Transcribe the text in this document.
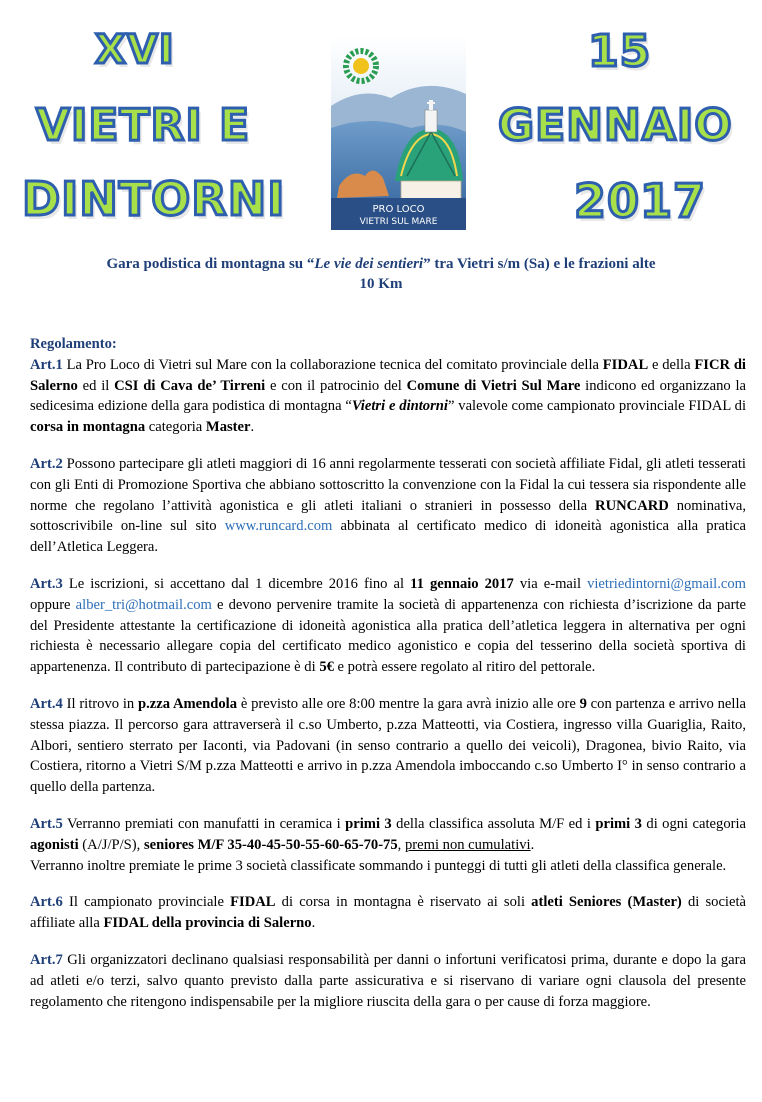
XVI
VIETRI E
DINTORNI
15
GENNAIO
2017
PRO LOCO
VIETRI SUL MARE
Gara podistica di montagna su “Le vie dei sentieri” tra Vietri s/m (Sa) e le frazioni alte
10 Km
Regolamento:

Art.1 La Pro Loco di Vietri sul Mare con la collaborazione tecnica del comitato provinciale della FIDAL e della FICR di Salerno ed il CSI di Cava de’ Tirreni e con il patrocinio del Comune di Vietri Sul Mare indicono ed organizzano la sedicesima edizione della gara podistica di montagna “Vietri e dintorni” valevole come campionato provinciale FIDAL di corsa in montagna categoria Master.

Art.2 Possono partecipare gli atleti maggiori di 16 anni regolarmente tesserati con società affiliate Fidal, gli atleti tesserati con gli Enti di Promozione Sportiva che abbiano sottoscritto la convenzione con la Fidal la cui tessera sia rispondente alle norme che regolano l’attività agonistica e gli atleti italiani o stranieri in possesso della RUNCARD nominativa, sottoscrivibile on-line sul sito www.runcard.com abbinata al certificato medico di idoneità agonistica alla pratica dell’Atletica Leggera.

Art.3 Le iscrizioni, si accettano dal 1 dicembre 2016 fino al 11 gennaio 2017 via e-mail vietriedintorni@gmail.com oppure alber_tri@hotmail.com e devono pervenire tramite la società di appartenenza con richiesta d’iscrizione da parte del Presidente attestante la certificazione di idoneità agonistica alla pratica dell’atletica leggera in alternativa per ogni richiesta è necessario allegare copia del certificato medico agonistico e copia del tesserino della società sportiva di appartenenza. Il contributo di partecipazione è di 5€ e potrà essere regolato al ritiro del pettorale.

Art.4 Il ritrovo in p.zza Amendola è previsto alle ore 8:00 mentre la gara avrà inizio alle ore 9 con partenza e arrivo nella stessa piazza. Il percorso gara attraverserà il c.so Umberto, p.zza Matteotti, via Costiera, ingresso villa Guariglia, Raito, Albori, sentiero sterrato per Iaconti, via Padovani (in senso contrario a quello dei veicoli), Dragonea, bivio Raito, via Costiera, ritorno a Vietri S/M p.zza Matteotti e arrivo in p.zza Amendola imboccando c.so Umberto I° in senso contrario a quello della partenza.

Art.5 Verranno premiati con manufatti in ceramica i primi 3 della classifica assoluta M/F ed i primi 3 di ogni categoria agonisti (A/J/P/S), seniores M/F 35-40-45-50-55-60-65-70-75, premi non cumulativi.

Verranno inoltre premiate le prime 3 società classificate sommando i punteggi di tutti gli atleti della classifica generale.

Art.6 Il campionato provinciale FIDAL di corsa in montagna è riservato ai soli atleti Seniores (Master) di società affiliate alla FIDAL della provincia di Salerno.

Art.7 Gli organizzatori declinano qualsiasi responsabilità per danni o infortuni verificatosi prima, durante e dopo la gara ad atleti e/o terzi, salvo quanto previsto dalla parte assicurativa e si riservano di variare ogni clausola del presente regolamento che ritengono indispensabile per la migliore riuscita della gara o per cause di forza maggiore.
